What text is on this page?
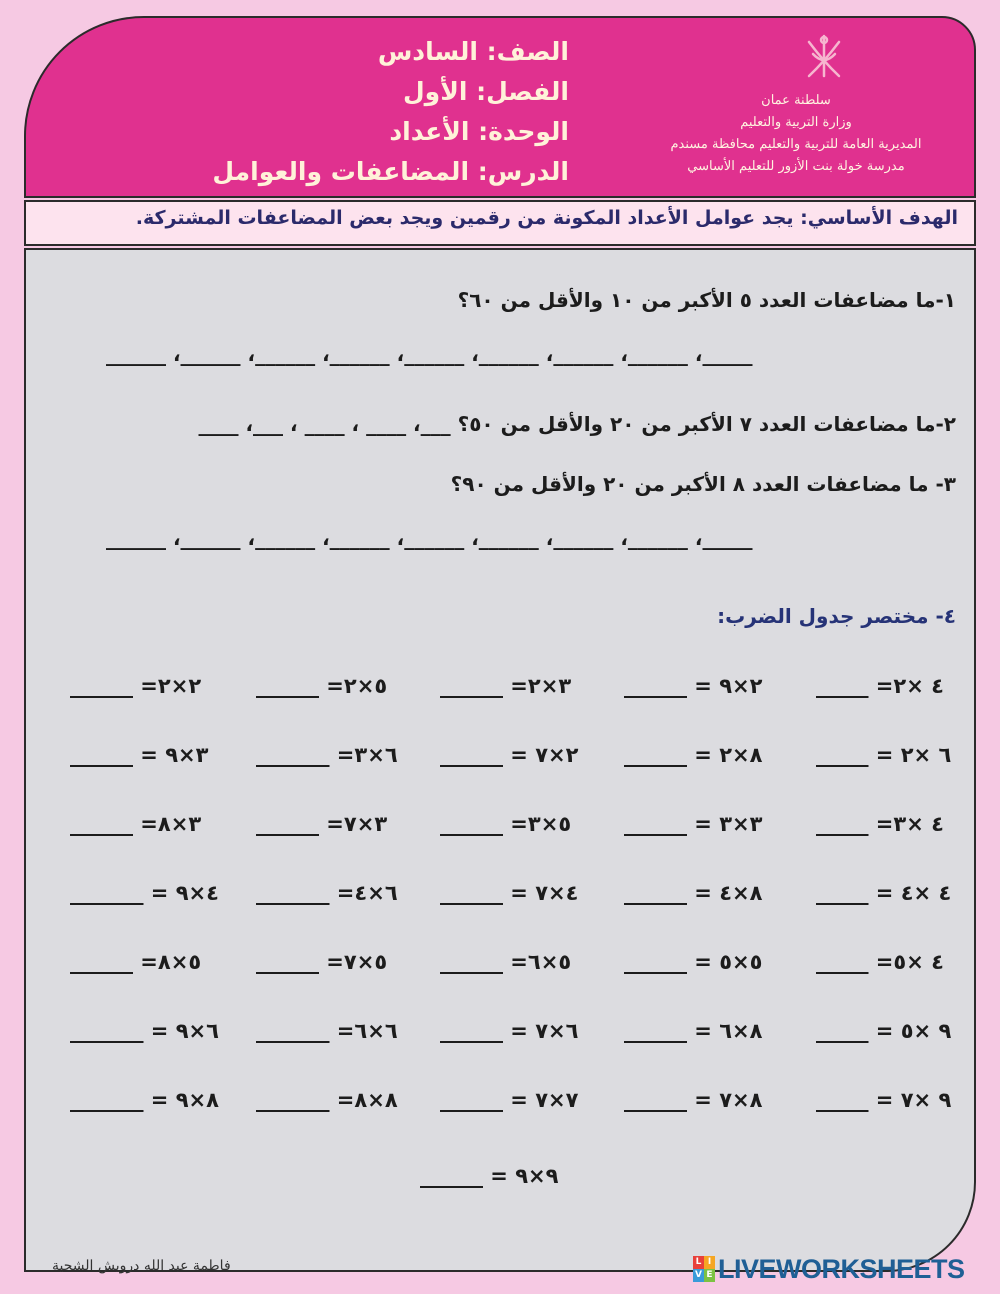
الصف: السادس
الفصل: الأول
الوحدة: الأعداد
الدرس: المضاعفات والعوامل
سلطنة عمان
وزارة التربية والتعليم
المديرية العامة للتربية والتعليم محافظة مسندم
مدرسة خولة بنت الأزور للتعليم الأساسي
الهدف الأساسي: يجد عوامل الأعداد المكونة من رقمين ويجد بعض المضاعفات المشتركة.
١-ما مضاعفات العدد ٥ الأكبر من ١٠ والأقل من ٦٠؟
______ ،______ ،______ ،______ ،______ ،______ ،______ ،______ ،_____
٢-ما مضاعفات العدد ٧ الأكبر من ٢٠ والأقل من ٥٠؟ ___، ____ ، ____ ، ___، ____
٣- ما مضاعفات العدد ٨ الأكبر من ٢٠ والأقل من ٩٠؟
______ ،______ ،______ ،______ ،______ ،______ ،______ ،______ ،_____
٤- مختصر جدول الضرب:
______ =٢×٢	______ =٥×٢	______ =٣×٢	______ = ٢×٩	_____ =٤ ×٢
______ = ٣×٩ _______ =٦×٣ ______ = ٢×٧ ______ = ٨×٢	_____ = ٦ ×٢
______ =٣×٨	______ =٣×٧	______ =٥×٣	______ = ٣×٣	_____ =٤ ×٣
_______ = ٤×٩ _______ =٦×٤ ______ = ٤×٧ ______ = ٨×٤	_____ = ٤ ×٤
______ =٥×٨	______ =٥×٧	______ =٥×٦	______ = ٥×٥	_____ =٤ ×٥
_______ = ٦×٩ _______ =٦×٦ ______ = ٦×٧ ______ = ٨×٦	_____ = ٩ ×٥
_______ = ٨×٩ _______ =٨×٨ ______ = ٧×٧ ______ = ٨×٧	_____ = ٩ ×٧
______ = ٩×٩
فاطمة عبد الله درويش الشحية	L I
V E LIVEWORKSHEETS
